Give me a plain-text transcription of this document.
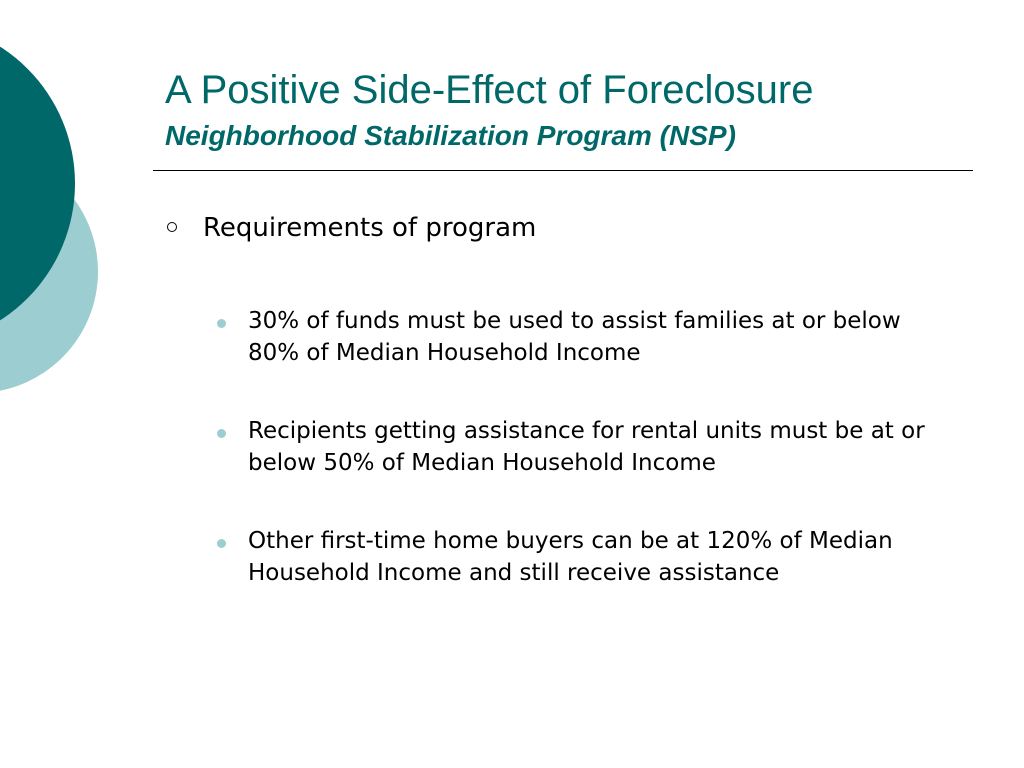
A Positive Side-Effect of Foreclosure
Neighborhood Stabilization Program (NSP)
Requirements of program
30% of funds must be used to assist families at or below 80% of Median Household Income
Recipients getting assistance for rental units must be at or below 50% of Median Household Income
Other first-time home buyers can be at 120% of Median Household Income and still receive assistance
